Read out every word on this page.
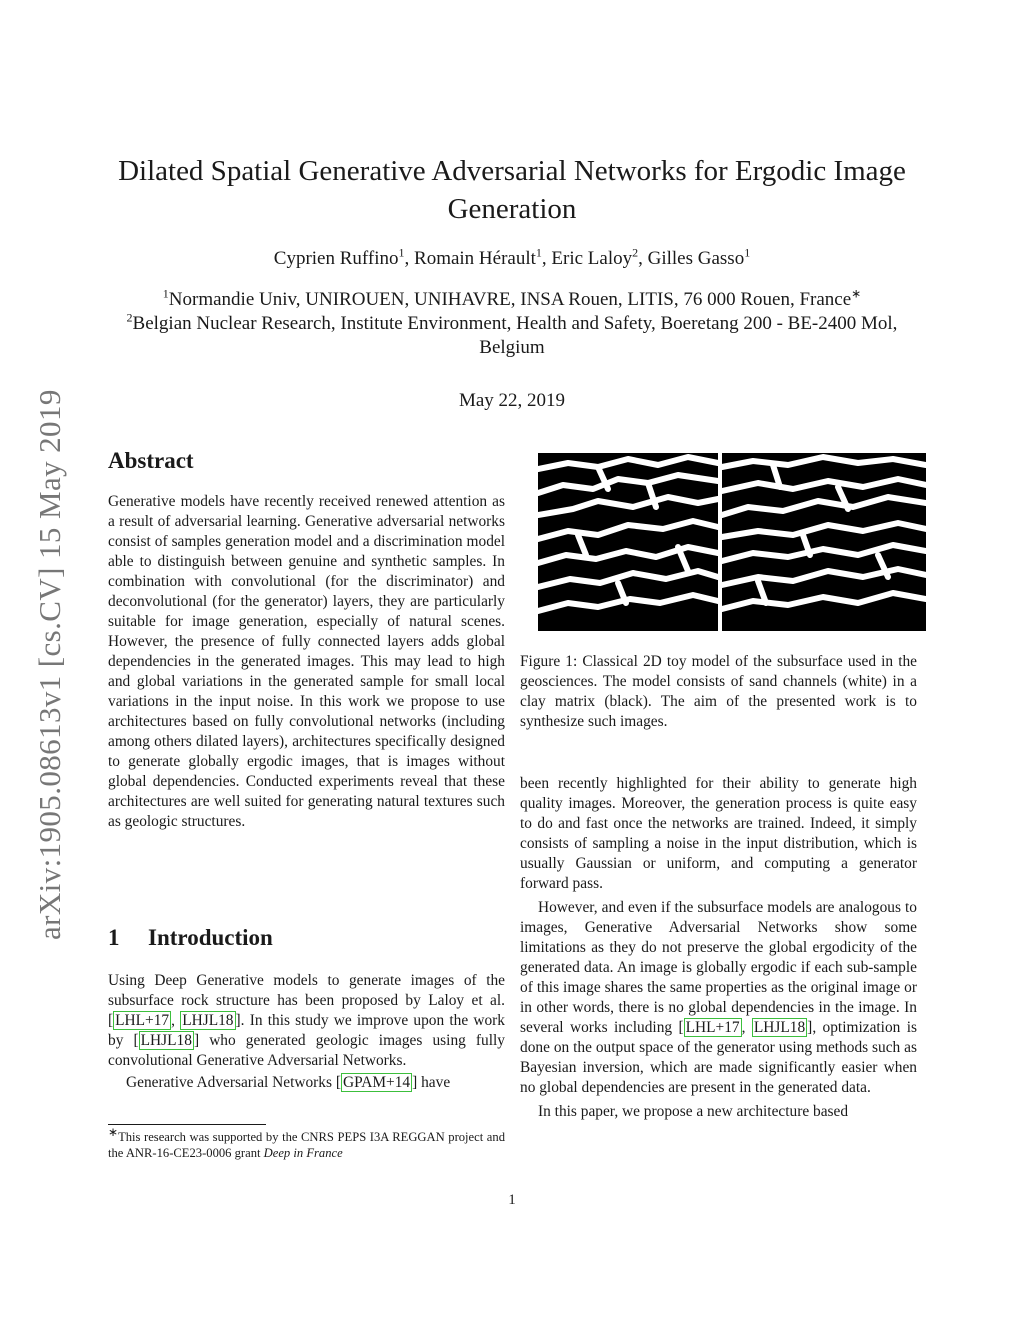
arXiv:1905.08613v1 [cs.CV] 15 May 2019
Dilated Spatial Generative Adversarial Networks for Ergodic Image Generation
Cyprien Ruffino$^1$, Romain Hérault$^1$, Eric Laloy$^2$, Gilles Gasso$^1$
$^1$Normandie Univ, UNIROUEN, UNIHAVRE, INSA Rouen, LITIS, 76 000 Rouen, France∗
$^2$Belgian Nuclear Research, Institute Environment, Health and Safety, Boeretang 200 - BE-2400 Mol, Belgium
May 22, 2019
Abstract

Generative models have recently received renewed attention as a result of adversarial learning. Generative adversarial networks consist of samples generation model and a discrimination model able to distinguish between genuine and synthetic samples. In combination with convolutional (for the discriminator) and deconvolutional (for the generator) layers, they are particularly suitable for image generation, especially of natural scenes. However, the presence of fully connected layers adds global dependencies in the generated images. This may lead to high and global variations in the generated sample for small local variations in the input noise. In this work we propose to use architectures based on fully convolutional networks (including among others dilated layers), architectures specifically designed to generate globally ergodic images, that is images without global dependencies. Conducted experiments reveal that these architectures are well suited for generating natural textures such as geologic structures.

1 Introduction

Using Deep Generative models to generate images of the subsurface rock structure has been proposed by Laloy et al. [ LHL+17 , LHJL18 ]. In this study we improve upon the work by [ LHJL18 ] who generated geologic images using fully convolutional Generative Adversarial Networks.

Generative Adversarial Networks [ GPAM+14 ] have

∗This research was supported by the CNRS PEPS I3A REGGAN project and the ANR-16-CE23-0006 grant Deep in France
Figure 1: Classical 2D toy model of the subsurface used in the geosciences. The model consists of sand channels (white) in a clay matrix (black). The aim of the presented work is to synthesize such images.

been recently highlighted for their ability to generate high quality images. Moreover, the generation process is quite easy to do and fast once the networks are trained. Indeed, it simply consists of sampling a noise in the input distribution, which is usually Gaussian or uniform, and computing a generator forward pass.

However, and even if the subsurface models are analogous to images, Generative Adversarial Networks show some limitations as they do not preserve the global ergodicity of the generated data. An image is globally ergodic if each sub-sample of this image shares the same properties as the original image or in other words, there is no global dependencies in the image. In several works including [ LHL+17 , LHJL18 ], optimization is done on the output space of the generator using methods such as Bayesian inversion, which are made significantly easier when no global dependencies are present in the generated data.

In this paper, we propose a new architecture based

1
